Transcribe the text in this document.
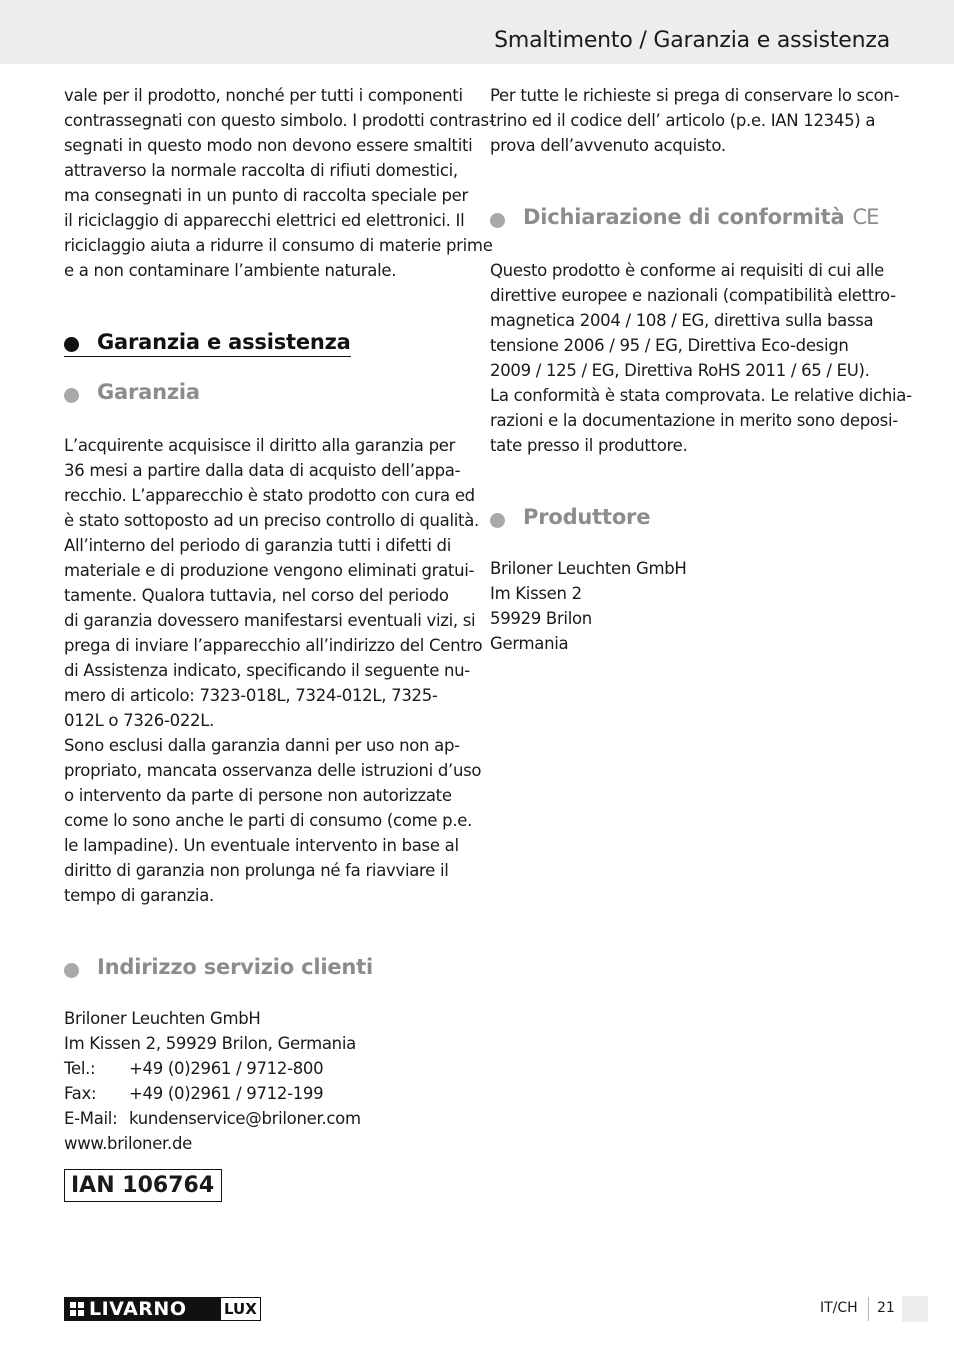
Smaltimento / Garanzia e assistenza

vale per il prodotto, nonché per tutti i componenti
contrassegnati con questo simbolo. I prodotti contras-
segnati in questo modo non devono essere smaltiti
attraverso la normale raccolta di rifiuti domestici,
ma consegnati in un punto di raccolta speciale per
il riciclaggio di apparecchi elettrici ed elettronici. Il
riciclaggio aiuta a ridurre il consumo di materie prime
e a non contaminare l’ambiente naturale.

Garanzia e assistenza
Garanzia

L’acquirente acquisisce il diritto alla garanzia per
36 mesi a partire dalla data di acquisto dell’appa-
recchio. L’apparecchio è stato prodotto con cura ed
è stato sottoposto ad un preciso controllo di qualità.
All’interno del periodo di garanzia tutti i difetti di
materiale e di produzione vengono eliminati gratui-
tamente. Qualora tuttavia, nel corso del periodo
di garanzia dovessero manifestarsi eventuali vizi, si
prega di inviare l’apparecchio all’indirizzo del Centro
di Assistenza indicato, specificando il seguente nu-
mero di articolo: 7323-018L, 7324-012L, 7325-
012L o 7326-022L.
Sono esclusi dalla garanzia danni per uso non ap-
propriato, mancata osservanza delle istruzioni d’uso
o intervento da parte di persone non autorizzate
come lo sono anche le parti di consumo (come p.e.
le lampadine). Un eventuale intervento in base al
diritto di garanzia non prolunga né fa riavviare il
tempo di garanzia.

Indirizzo servizio clienti
Briloner Leuchten GmbH
Im Kissen 2, 59929 Brilon, Germania
Tel.: +49 (0)2961 / 9712-800
Fax: +49 (0)2961 / 9712-199
E-Mail: kundenservice@briloner.com
www.briloner.de
IAN 106764

Per tutte le richieste si prega di conservare lo scon-
trino ed il codice dell’ articolo (p.e. IAN 12345) a
prova dell’avvenuto acquisto.

Dichiarazione di conformità CE

Questo prodotto è conforme ai requisiti di cui alle
direttive europee e nazionali (compatibilità elettro-
magnetica 2004 / 108 / EG, direttiva sulla bassa
tensione 2006 / 95 / EG, Direttiva Eco-design
2009 / 125 / EG, Direttiva RoHS 2011 / 65 / EU).
La conformità è stata comprovata. Le relative dichia-
razioni e la documentazione in merito sono deposi-
tate presso il produttore.

Produttore
Briloner Leuchten GmbH
Im Kissen 2
59929 Brilon
Germania
LIVARNO	LUX	IT/CH 21
